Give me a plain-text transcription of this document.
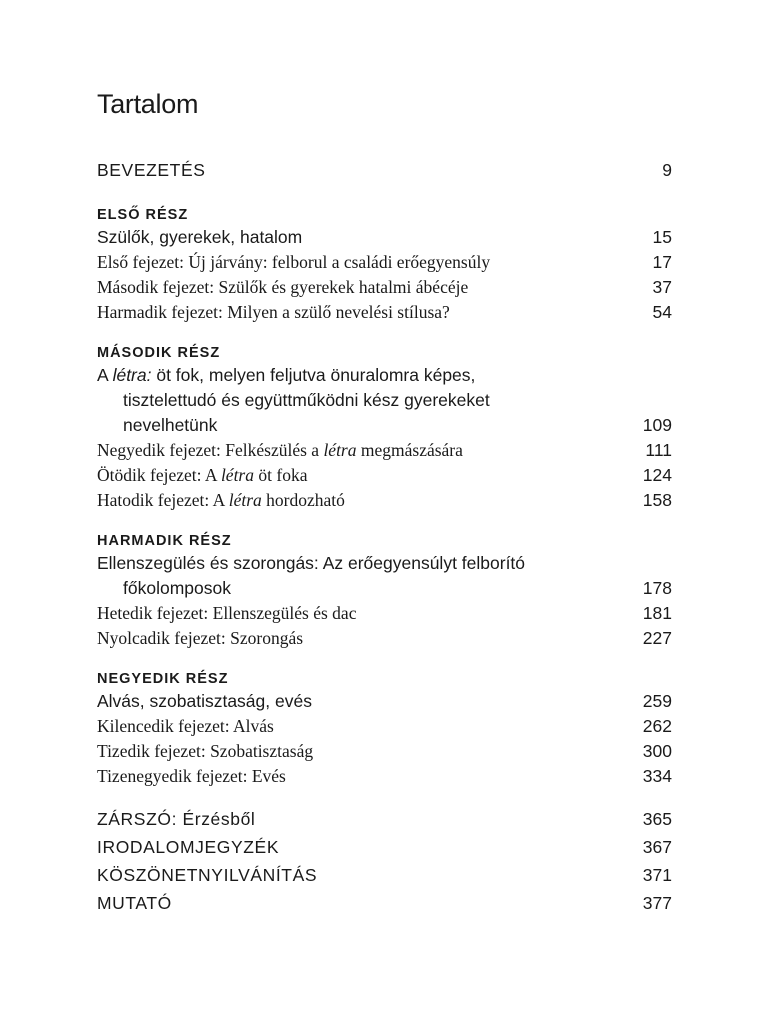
Tartalom
BEVEZETÉS	9
ELSŐ RÉSZ
Szülők, gyerekek, hatalom	15
Első fejezet: Új járvány: felborul a családi erőegyensúly	17
Második fejezet: Szülők és gyerekek hatalmi ábécéje	37
Harmadik fejezet: Milyen a szülő nevelési stílusa?	54
MÁSODIK RÉSZ
A létra: öt fok, melyen feljutva önuralomra képes,
tisztelettudó és együttműködni kész gyerekeket
nevelhetünk	109
Negyedik fejezet: Felkészülés a létra megmászására	111
Ötödik fejezet: A létra öt foka	124
Hatodik fejezet: A létra hordozható	158
HARMADIK RÉSZ
Ellenszegülés és szorongás: Az erőegyensúlyt felborító
főkolomposok	178
Hetedik fejezet: Ellenszegülés és dac	181
Nyolcadik fejezet: Szorongás	227
NEGYEDIK RÉSZ
Alvás, szobatisztaság, evés	259
Kilencedik fejezet: Alvás	262
Tizedik fejezet: Szobatisztaság	300
Tizenegyedik fejezet: Evés	334
ZÁRSZÓ: Érzésből	365
IRODALOMJEGYZÉK	367
KÖSZÖNETNYILVÁNÍTÁS	371
MUTATÓ	377
